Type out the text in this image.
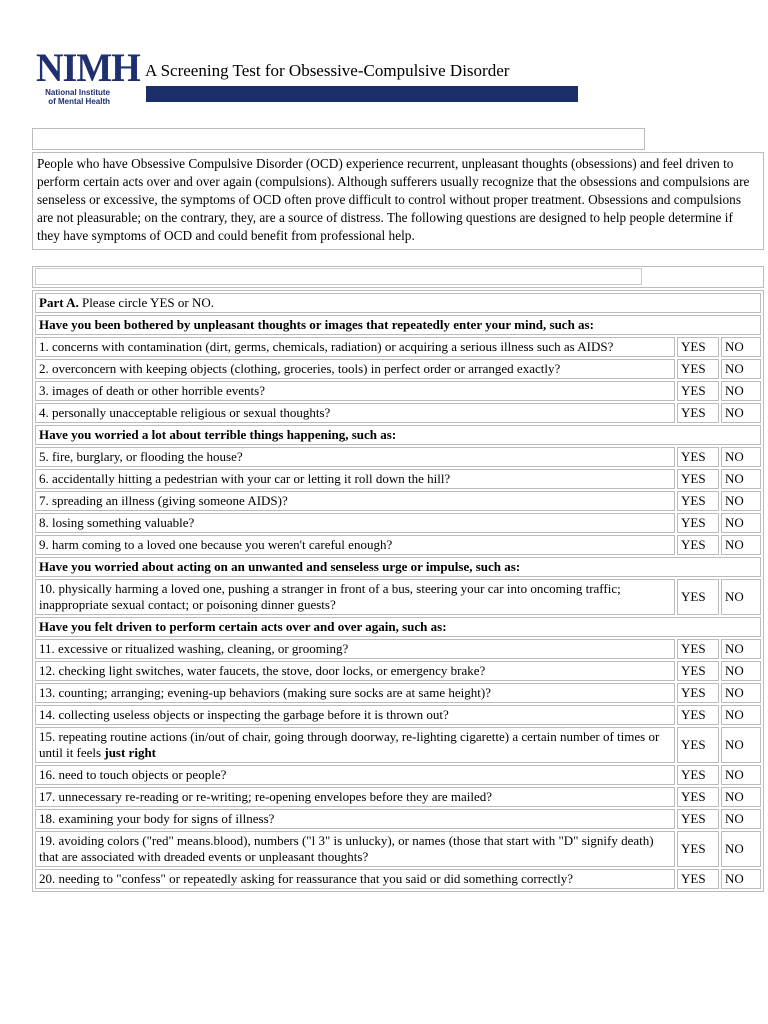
NIMH
National Institute
of Mental Health
A Screening Test for Obsessive-Compulsive Disorder
People who have Obsessive Compulsive Disorder (OCD) experience recurrent, unpleasant thoughts (obsessions) and feel driven to perform certain acts over and over again (compulsions). Although sufferers usually recognize that the obsessions and compulsions are senseless or excessive, the symptoms of OCD often prove difficult to control without proper treatment. Obsessions and compulsions are not pleasurable; on the contrary, they, are a source of distress. The following questions are designed to help people determine if they have symptoms of OCD and could benefit from professional help.
Part A. Please circle YES or NO.		
Have you been bothered by unpleasant thoughts or images that repeatedly enter your mind, such as:		
1. concerns with contamination (dirt, germs, chemicals, radiation) or acquiring a serious illness such as AIDS?	YES	NO
2. overconcern with keeping objects (clothing, groceries, tools) in perfect order or arranged exactly?	YES	NO
3. images of death or other horrible events?	YES	NO
4. personally unacceptable religious or sexual thoughts?	YES	NO
Have you worried a lot about terrible things happening, such as:		
5. fire, burglary, or flooding the house?	YES	NO
6. accidentally hitting a pedestrian with your car or letting it roll down the hill?	YES	NO
7. spreading an illness (giving someone AIDS)?	YES	NO
8. losing something valuable?	YES	NO
9. harm coming to a loved one because you weren't careful enough?	YES	NO
Have you worried about acting on an unwanted and senseless urge or impulse, such as:		
10. physically harming a loved one, pushing a stranger in front of a bus, steering your car into oncoming traffic; inappropriate sexual contact; or poisoning dinner guests?	YES	NO
Have you felt driven to perform certain acts over and over again, such as:		
11. excessive or ritualized washing, cleaning, or grooming?	YES	NO
12. checking light switches, water faucets, the stove, door locks, or emergency brake?	YES	NO
13. counting; arranging; evening-up behaviors (making sure socks are at same height)?	YES	NO
14. collecting useless objects or inspecting the garbage before it is thrown out?	YES	NO
15. repeating routine actions (in/out of chair, going through doorway, re-lighting cigarette) a certain number of times or until it feels just right	YES	NO
16. need to touch objects or people?	YES	NO
17. unnecessary re-reading or re-writing; re-opening envelopes before they are mailed?	YES	NO
18. examining your body for signs of illness?	YES	NO
19. avoiding colors ("red" means.blood), numbers ("l 3" is unlucky), or names (those that start with "D" signify death) that are associated with dreaded events or unpleasant thoughts?	YES	NO
20. needing to "confess" or repeatedly asking for reassurance that you said or did something correctly?	YES	NO
